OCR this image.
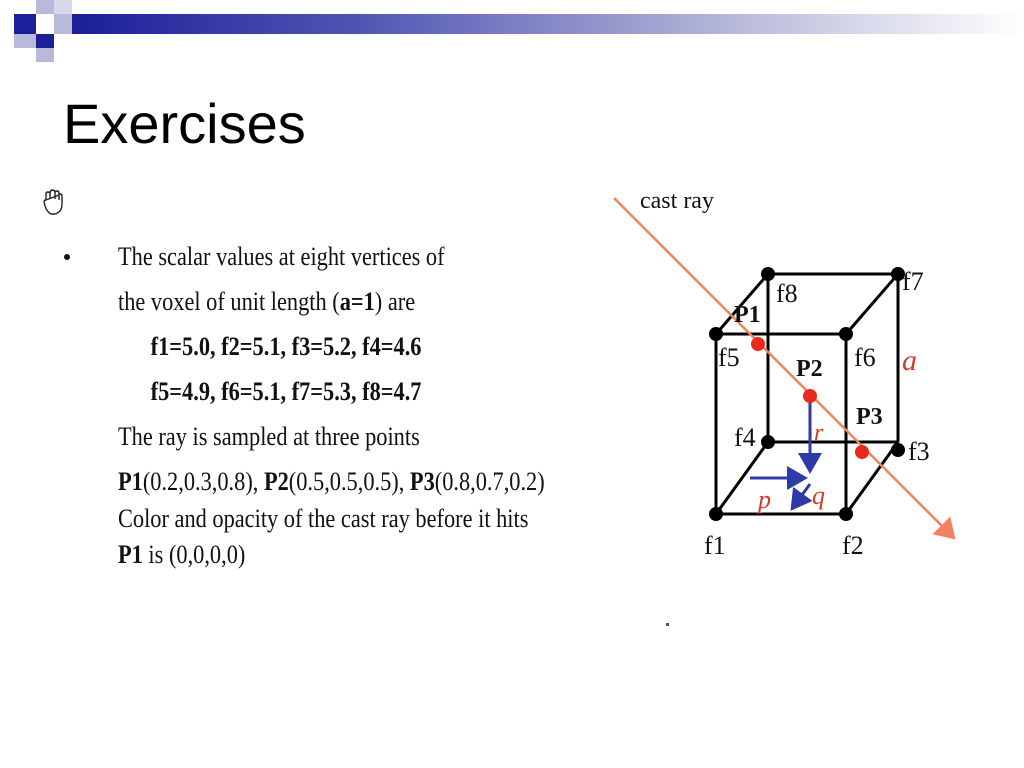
Exercises
The scalar values at eight vertices of
the voxel of unit length (a=1) are
f1=5.0, f2=5.1, f3=5.2, f4=4.6
f5=4.9, f6=5.1, f7=5.3, f8=4.7
The ray is sampled at three points
P1(0.2,0.3,0.8), P2(0.5,0.5,0.5), P3(0.8,0.7,0.2)
Color and opacity of the cast ray before it hits
P1 is (0,0,0,0)
cast ray
f1	f2
f3
f4
f5	f6
f7
f8
P1
P2
P3
a
p q
r
